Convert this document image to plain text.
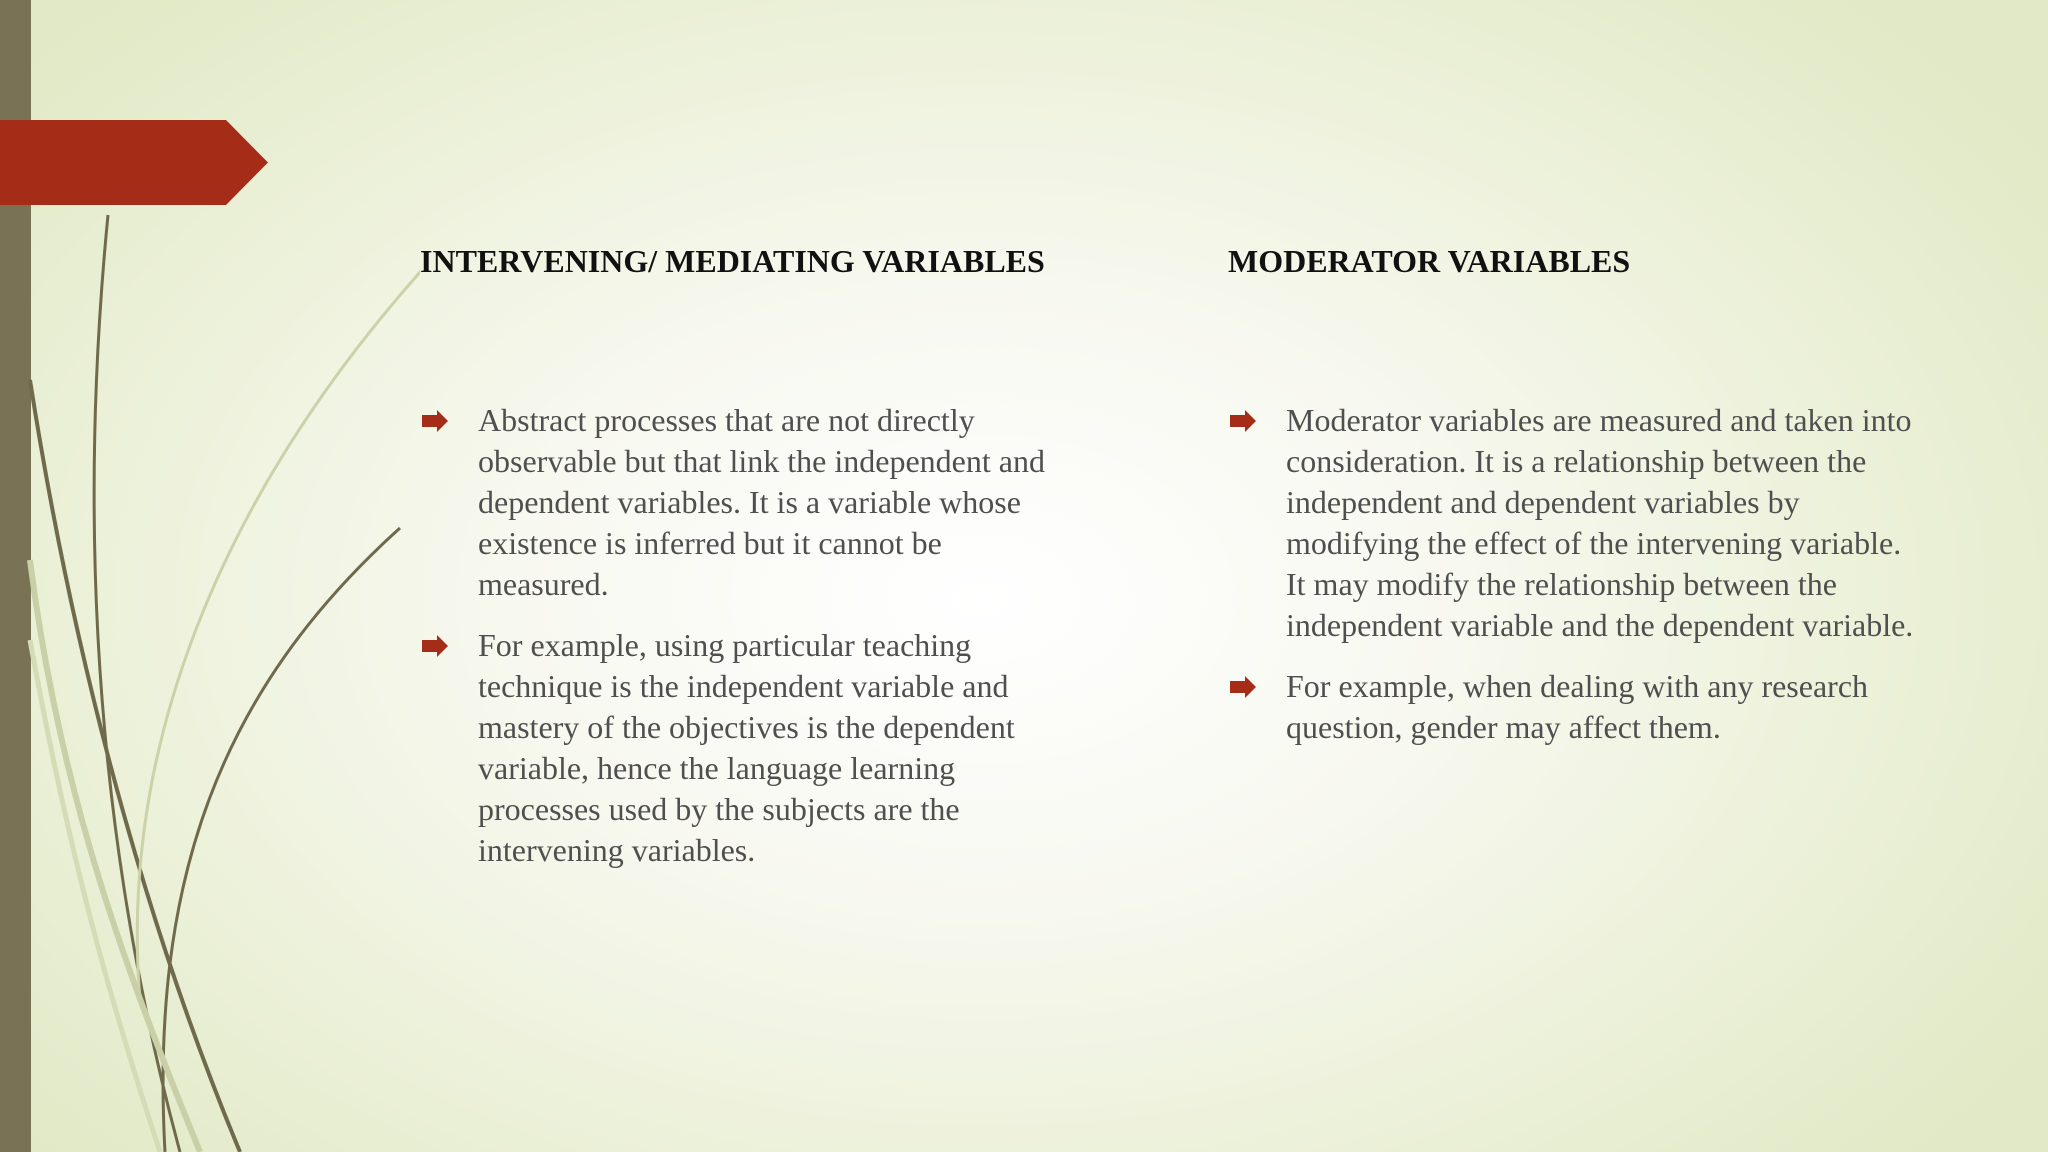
INTERVENING/ MEDIATING VARIABLES
Abstract processes that are not directly observable but that link the independent and dependent variables. It is a variable whose existence is inferred but it cannot be measured.
For example, using particular teaching technique is the independent variable and mastery of the objectives is the dependent variable, hence the language learning processes used by the subjects are the intervening variables.
MODERATOR VARIABLES
Moderator variables are measured and taken into consideration. It is a relationship between the independent and dependent variables by modifying the effect of the intervening variable. It may modify the relationship between the independent variable and the dependent variable.
For example, when dealing with any research question, gender may affect them.
